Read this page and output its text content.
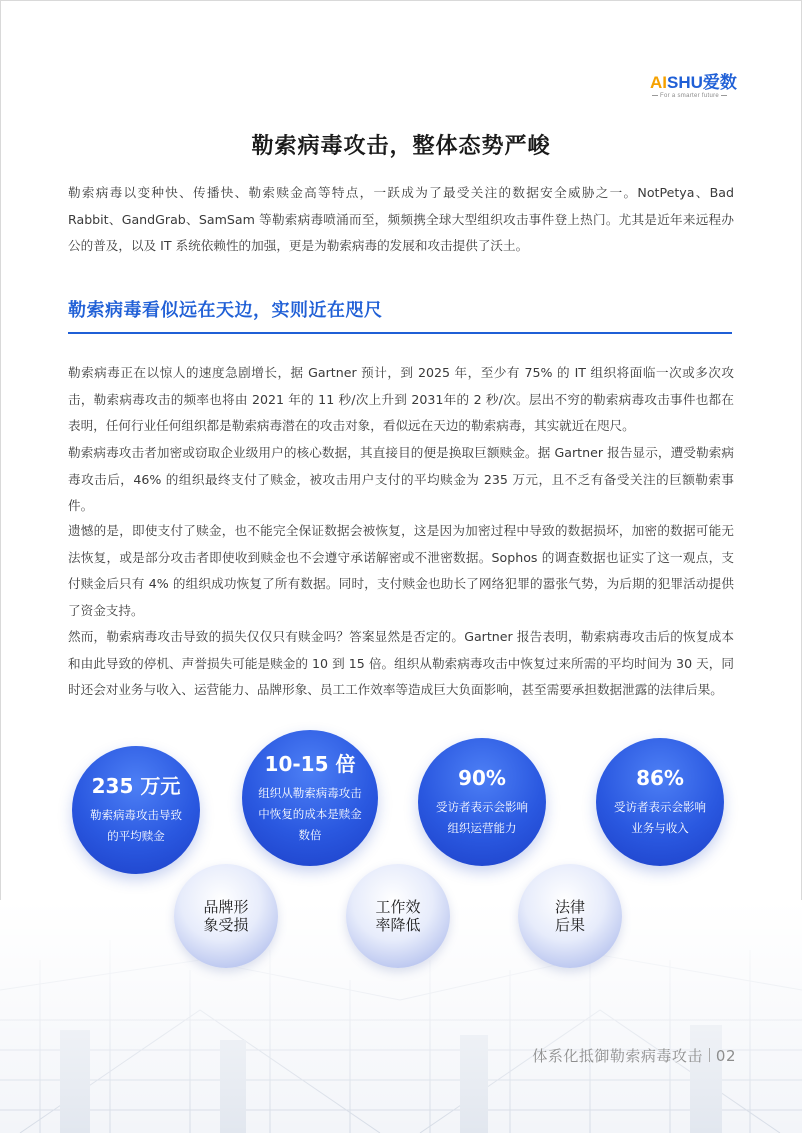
AISHU爱数
For a smarter future
勒索病毒攻击，整体态势严峻

勒索病毒以变种快、传播快、勒索赎金高等特点，一跃成为了最受关注的数据安全威胁之一。NotPetya、Bad Rabbit、GandGrab、SamSam 等勒索病毒喷涌而至，频频携全球大型组织攻击事件登上热门。尤其是近年来远程办公的普及，以及 IT 系统依赖性的加强，更是为勒索病毒的发展和攻击提供了沃土。

勒索病毒看似远在天边，实则近在咫尺

勒索病毒正在以惊人的速度急剧增长，据 Gartner 预计，到 2025 年，至少有 75% 的 IT 组织将面临一次或多次攻击，勒索病毒攻击的频率也将由 2021 年的 11 秒/次上升到 2031年的 2 秒/次。层出不穷的勒索病毒攻击事件也都在表明，任何行业任何组织都是勒索病毒潜在的攻击对象，看似远在天边的勒索病毒，其实就近在咫尺。

勒索病毒攻击者加密或窃取企业级用户的核心数据，其直接目的便是换取巨额赎金。据 Gartner 报告显示，遭受勒索病毒攻击后，46% 的组织最终支付了赎金，被攻击用户支付的平均赎金为 235 万元，且不乏有备受关注的巨额勒索事件。

遗憾的是，即使支付了赎金，也不能完全保证数据会被恢复，这是因为加密过程中导致的数据损坏，加密的数据可能无法恢复，或是部分攻击者即使收到赎金也不会遵守承诺解密或不泄密数据。Sophos 的调查数据也证实了这一观点，支付赎金后只有 4% 的组织成功恢复了所有数据。同时，支付赎金也助长了网络犯罪的嚣张气势，为后期的犯罪活动提供了资金支持。

然而，勒索病毒攻击导致的损失仅仅只有赎金吗？答案显然是否定的。Gartner 报告表明，勒索病毒攻击后的恢复成本和由此导致的停机、声誉损失可能是赎金的 10 到 15 倍。组织从勒索病毒攻击中恢复过来所需的平均时间为 30 天，同时还会对业务与收入、运营能力、品牌形象、员工工作效率等造成巨大负面影响，甚至需要承担数据泄露的法律后果。

235 万元
勒索病毒攻击导致的平均赎金
10-15 倍
组织从勒索病毒攻击中恢复的成本是赎金数倍
90%
受访者表示会影响组织运营能力
86%
受访者表示会影响业务与收入
品牌形象受损
工作效率降低
法律后果
体系化抵御勒索病毒攻击 02
